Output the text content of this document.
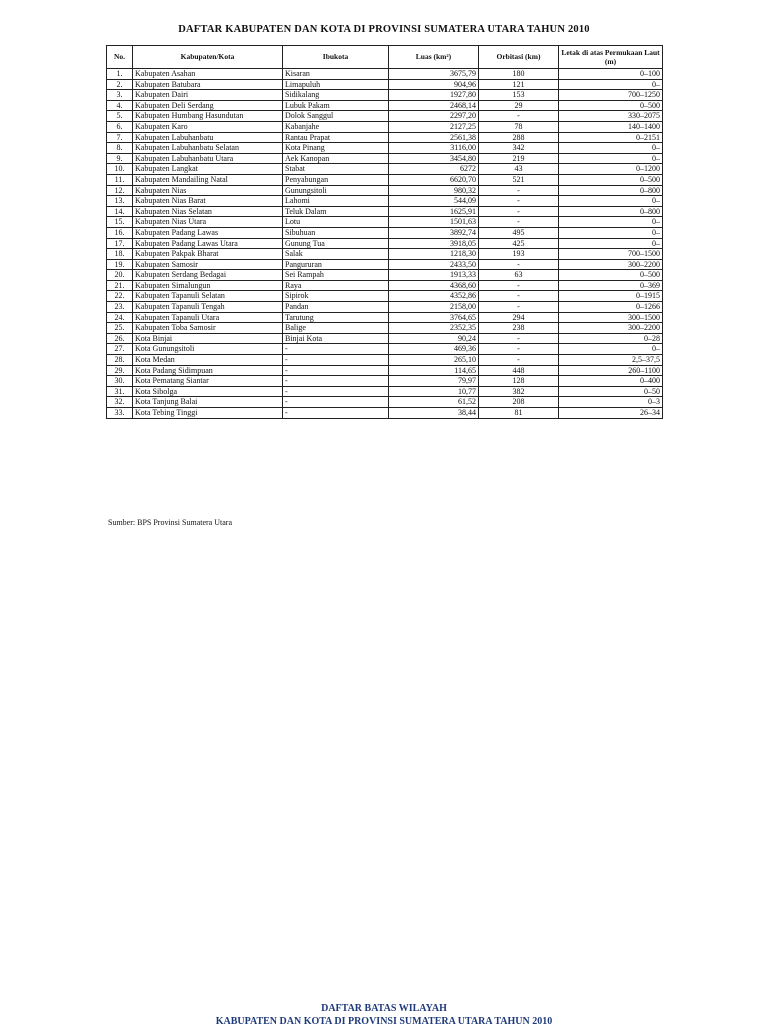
DAFTAR KABUPATEN DAN KOTA DI PROVINSI SUMATERA UTARA TAHUN 2010
No.	Kabupaten/Kota	Ibukota	Luas (km²)	Orbitasi (km)	Letak di atas Permukaan Laut (m)
1.	Kabupaten Asahan	Kisaran	3675,79	180	0–100
2.	Kabupaten Batubara	Limapuluh	904,96	121	0–
3.	Kabupaten Dairi	Sidikalang	1927,80	153	700–1250
4.	Kabupaten Deli Serdang	Lubuk Pakam	2468,14	29	0–500
5.	Kabupaten Humbang Hasundutan	Dolok Sanggul	2297,20	-	330–2075
6.	Kabupaten Karo	Kabanjahe	2127,25	78	140–1400
7.	Kabupaten Labuhanbatu	Rantau Prapat	2561,38	288	0–2151
8.	Kabupaten Labuhanbatu Selatan	Kota Pinang	3116,00	342	0–
9.	Kabupaten Labuhanbatu Utara	Aek Kanopan	3454,80	219	0–
10.	Kabupaten Langkat	Stabat	6272	43	0–1200
11.	Kabupaten Mandailing Natal	Penyabungan	6620,70	521	0–500
12.	Kabupaten Nias	Gunungsitoli	980,32	-	0–800
13.	Kabupaten Nias Barat	Lahomi	544,09	-	0–
14.	Kabupaten Nias Selatan	Teluk Dalam	1625,91	-	0–800
15.	Kabupaten Nias Utara	Lotu	1501,63	-	0–
16.	Kabupaten Padang Lawas	Sibuhuan	3892,74	495	0–
17.	Kabupaten Padang Lawas Utara	Gunung Tua	3918,05	425	0–
18.	Kabupaten Pakpak Bharat	Salak	1218,30	193	700–1500
19.	Kabupaten Samosir	Pangururan	2433,50	-	300–2200
20.	Kabupaten Serdang Bedagai	Sei Rampah	1913,33	63	0–500
21.	Kabupaten Simalungun	Raya	4368,60	-	0–369
22.	Kabupaten Tapanuli Selatan	Sipirok	4352,86	-	0–1915
23.	Kabupaten Tapanuli Tengah	Pandan	2158,00	-	0–1266
24.	Kabupaten Tapanuli Utara	Tarutung	3764,65	294	300–1500
25.	Kabupaten Toba Samosir	Balige	2352,35	238	300–2200
26.	Kota Binjai	Binjai Kota	90,24	-	0–28
27.	Kota Gunungsitoli	-	469,36	-	0–
28.	Kota Medan	-	265,10	-	2,5–37,5
29.	Kota Padang Sidimpuan	-	114,65	448	260–1100
30.	Kota Pematang Siantar	-	79,97	128	0–400
31.	Kota Sibolga	-	10,77	382	0–50
32.	Kota Tanjung Balai	-	61,52	208	0–3
33.	Kota Tebing Tinggi	-	38,44	81	26–34
Sumber: BPS Provinsi Sumatera Utara
DAFTAR BATAS WILAYAH
KABUPATEN DAN KOTA DI PROVINSI SUMATERA UTARA TAHUN 2010
